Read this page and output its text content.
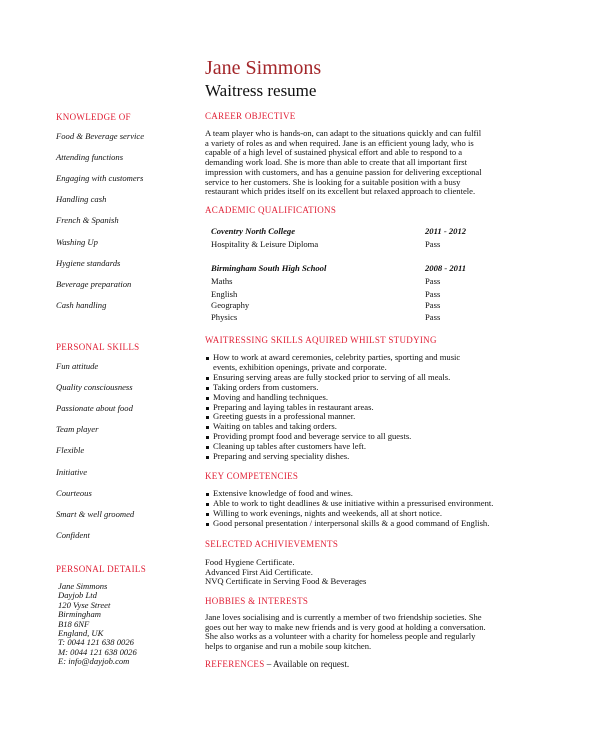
Jane Simmons
Waitress resume
KNOWLEDGE OF
Food & Beverage service
Attending functions
Engaging with customers
Handling cash
French & Spanish
Washing Up
Hygiene standards
Beverage preparation
Cash handling
PERSONAL SKILLS
Fun attitude
Quality consciousness
Passionate about food
Team player
Flexible
Initiative
Courteous
Smart & well groomed
Confident
PERSONAL DETAILS
Jane Simmons
Dayjob Ltd
120 Vyse Street
Birmingham
B18 6NF
England, UK
T: 0044 121 638 0026
M: 0044 121 638 0026
E: info@dayjob.com
CAREER OBJECTIVE
A team player who is hands-on, can adapt to the situations quickly and can fulfil
a variety of roles as and when required. Jane is an efficient young lady, who is
capable of a high level of sustained physical effort and able to respond to a
demanding work load. She is more than able to create that all important first
impression with customers, and has a genuine passion for delivering exceptional
service to her customers. She is looking for a suitable position with a busy
restaurant which prides itself on its excellent but relaxed approach to clientele.
ACADEMIC QUALIFICATIONS
Coventry North College	2011 - 2012
Hospitality & Leisure Diploma	Pass
Birmingham South High School	2008 - 2011
Maths	Pass
English	Pass
Geography	Pass
Physics	Pass
WAITRESSING SKILLS AQUIRED WHILST STUDYING
How to work at award ceremonies, celebrity parties, sporting and music
events, exhibition openings, private and corporate.
Ensuring serving areas are fully stocked prior to serving of all meals.
Taking orders from customers.
Moving and handling techniques.
Preparing and laying tables in restaurant areas.
Greeting guests in a professional manner.
Waiting on tables and taking orders.
Providing prompt food and beverage service to all guests.
Cleaning up tables after customers have left.
Preparing and serving speciality dishes.
KEY COMPETENCIES
Extensive knowledge of food and wines.
Able to work to tight deadlines & use initiative within a pressurised environment.
Willing to work evenings, nights and weekends, all at short notice.
Good personal presentation / interpersonal skills & a good command of English.
SELECTED ACHIVIEVEMENTS
Food Hygiene Certificate.
Advanced First Aid Certificate.
NVQ Certificate in Serving Food & Beverages
HOBBIES & INTERESTS
Jane loves socialising and is currently a member of two friendship societies. She
goes out her way to make new friends and is very good at holding a conversation.
She also works as a volunteer with a charity for homeless people and regularly
helps to organise and run a mobile soup kitchen.
REFERENCES – Available on request.
